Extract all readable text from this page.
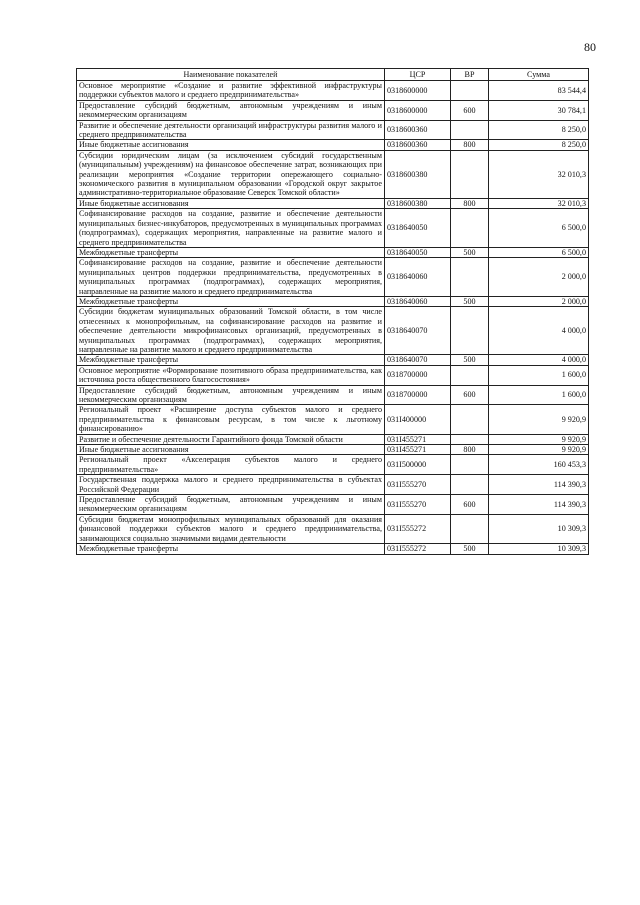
80
Наименование показателей	ЦСР	ВР	Сумма
Основное мероприятие «Создание и развитие эффективной инфраструктуры поддержки субъектов малого и среднего предпринимательства»	0318600000		83 544,4
Предоставление субсидий бюджетным, автономным учреждениям и иным некоммерческим организациям	0318600000	600	30 784,1
Развитие и обеспечение деятельности организаций инфраструктуры развития малого и среднего предпринимательства	0318600360		8 250,0
Иные бюджетные ассигнования	0318600360	800	8 250,0
Субсидии юридическим лицам (за исключением субсидий государственным (муниципальным) учреждениям) на финансовое обеспечение затрат, возникающих при реализации мероприятия «Создание территории опережающего социально-экономического развития в муниципальном образовании «Городской округ закрытое административно-территориальное образование Северск Томской области»	0318600380		32 010,3
Иные бюджетные ассигнования	0318600380	800	32 010,3
Софинансирование расходов на создание, развитие и обеспечение деятельности муниципальных бизнес-инкубаторов, предусмотренных в муниципальных программах (подпрограммах), содержащих мероприятия, направленные на развитие малого и среднего предпринимательства	0318640050		6 500,0
Межбюджетные трансферты	0318640050	500	6 500,0
Софинансирование расходов на создание, развитие и обеспечение деятельности муниципальных центров поддержки предпринимательства, предусмотренных в муниципальных программах (подпрограммах), содержащих мероприятия, направленные на развитие малого и среднего предпринимательства	0318640060		2 000,0
Межбюджетные трансферты	0318640060	500	2 000,0
Субсидии бюджетам муниципальных образований Томской области, в том числе отнесенных к монопрофильным, на софинансирование расходов на развитие и обеспечение деятельности микрофинансовых организаций, предусмотренных в муниципальных программах (подпрограммах), содержащих мероприятия, направленные на развитие малого и среднего предпринимательства	0318640070		4 000,0
Межбюджетные трансферты	0318640070	500	4 000,0
Основное мероприятие «Формирование позитивного образа предпринимательства, как источника роста общественного благосостояния»	0318700000		1 600,0
Предоставление субсидий бюджетным, автономным учреждениям и иным некоммерческим организациям	0318700000	600	1 600,0
Региональный проект «Расширение доступа субъектов малого и среднего предпринимательства к финансовым ресурсам, в том числе к льготному финансированию»	031I400000		9 920,9
Развитие и обеспечение деятельности Гарантийного фонда Томской области	031I455271		9 920,9
Иные бюджетные ассигнования	031I455271	800	9 920,9
Региональный проект «Акселерация субъектов малого и среднего предпринимательства»	031I500000		160 453,3
Государственная поддержка малого и среднего предпринимательства в субъектах Российской Федерации	031I555270		114 390,3
Предоставление субсидий бюджетным, автономным учреждениям и иным некоммерческим организациям	031I555270	600	114 390,3
Субсидии бюджетам монопрофильных муниципальных образований для оказания финансовой поддержки субъектов малого и среднего предпринимательства, занимающихся социально значимыми видами деятельности	031I555272		10 309,3
Межбюджетные трансферты	031I555272	500	10 309,3
